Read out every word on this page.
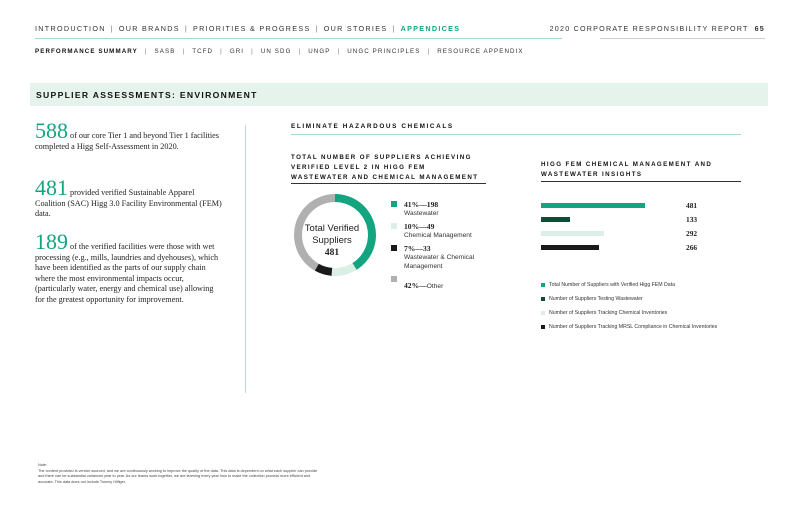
INTRODUCTION | OUR BRANDS | PRIORITIES & PROGRESS | OUR STORIES | APPENDICES	2020 CORPORATE RESPONSIBILITY REPORT 65
PERFORMANCE SUMMARY | SASB | TCFD | GRI | UN SDG | UNGP | UNGC PRINCIPLES | RESOURCE APPENDIX
SUPPLIER ASSESSMENTS: ENVIRONMENT
588 of our core Tier 1 and beyond Tier 1 facilities completed a Higg Self-Assessment in 2020.
481 provided verified Sustainable Apparel Coalition (SAC) Higg 3.0 Facility Environmental (FEM) data.
189 of the verified facilities were those with wet processing (e.g., mills, laundries and dyehouses), which have been identified as the parts of our supply chain where the most environmental impacts occur, (particularly water, energy and chemical use) allowing for the greatest opportunity for improvement.
ELIMINATE HAZARDOUS CHEMICALS
TOTAL NUMBER OF SUPPLIERS ACHIEVING VERIFIED LEVEL 2 IN HIGG FEM WASTEWATER AND CHEMICAL MANAGEMENT
Total Verified Suppliers
481
41%—198
Wastewater
10%—49
Chemical Management
7%—33
Wastewater & Chemical Management
42%—Other
HIGG FEM CHEMICAL MANAGEMENT AND WASTEWATER INSIGHTS
481
133
292
266
Total Number of Suppliers with Verified Higg FEM Data
Number of Suppliers Testing Wastewater
Number of Suppliers Tracking Chemical Inventories
Number of Suppliers Tracking MRSL Compliance in Chemical Inventories
Note:
The content provided is vendor sourced, and we are continuously working to improve the quality of the data. This data is dependent on what each supplier can provide and there can be substantial variances year to year. As our teams work together, we are learning every year how to make the collection process more efficient and accurate. This data does not include Tommy Hilfiger.
